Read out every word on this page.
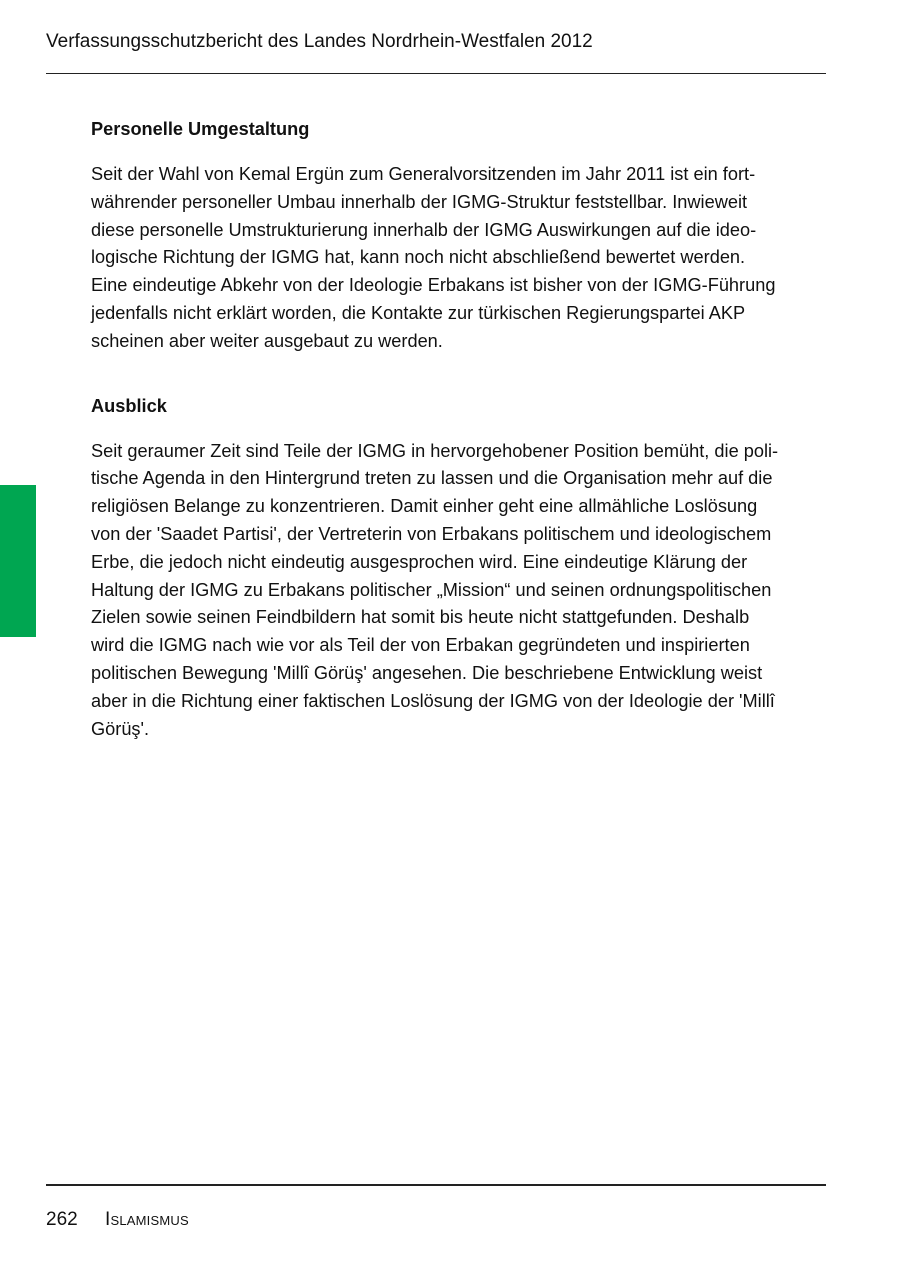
Verfassungsschutzbericht des Landes Nordrhein-Westfalen 2012
Personelle Umgestaltung

Seit der Wahl von Kemal Ergün zum Generalvorsitzenden im Jahr 2011 ist ein fort-
währender personeller Umbau innerhalb der IGMG-Struktur feststellbar. Inwieweit
diese personelle Umstrukturierung innerhalb der IGMG Auswirkungen auf die ideo-
logische Richtung der IGMG hat, kann noch nicht abschließend bewertet werden.
Eine eindeutige Abkehr von der Ideologie Erbakans ist bisher von der IGMG-Führung
jedenfalls nicht erklärt worden, die Kontakte zur türkischen Regierungspartei AKP
scheinen aber weiter ausgebaut zu werden.

Ausblick

Seit geraumer Zeit sind Teile der IGMG in hervorgehobener Position bemüht, die poli-
tische Agenda in den Hintergrund treten zu lassen und die Organisation mehr auf die
religiösen Belange zu konzentrieren. Damit einher geht eine allmähliche Loslösung
von der 'Saadet Partisi', der Vertreterin von Erbakans politischem und ideologischem
Erbe, die jedoch nicht eindeutig ausgesprochen wird. Eine eindeutige Klärung der
Haltung der IGMG zu Erbakans politischer „Mission“ und seinen ordnungspolitischen
Zielen sowie seinen Feindbildern hat somit bis heute nicht stattgefunden. Deshalb
wird die IGMG nach wie vor als Teil der von Erbakan gegründeten und inspirierten
politischen Bewegung 'Millî Görüş' angesehen. Die beschriebene Entwicklung weist
aber in die Richtung einer faktischen Loslösung der IGMG von der Ideologie der 'Millî
Görüş'.

262 Islamismus
